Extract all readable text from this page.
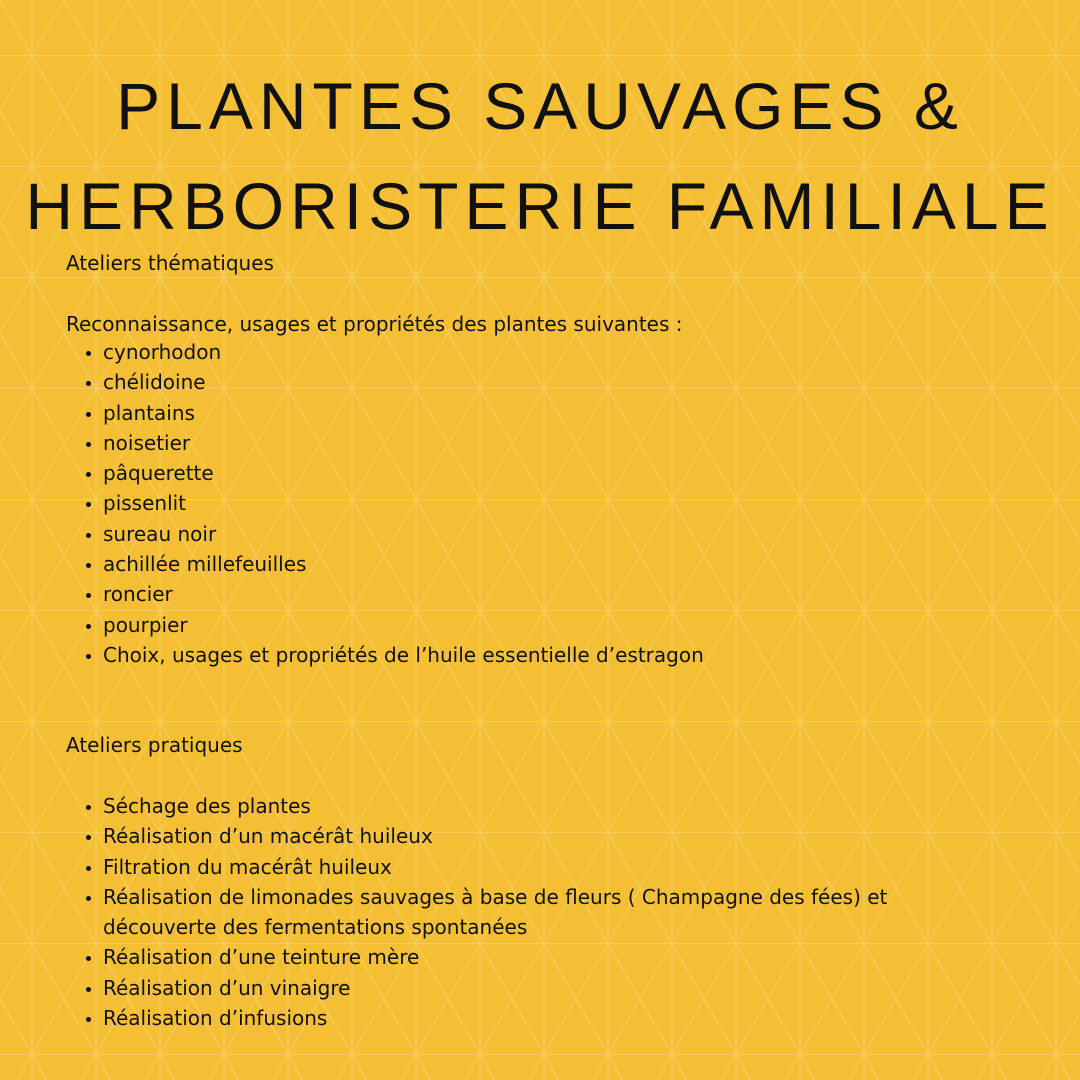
PLANTES SAUVAGES &
HERBORISTERIE FAMILIALE

Ateliers thématiques

Reconnaissance, usages et propriétés des plantes suivantes :

• cynorhodon
• chélidoine
• plantains
• noisetier
• pâquerette
• pissenlit
• sureau noir
• achillée millefeuilles
• roncier
• pourpier
• Choix, usages et propriétés de l’huile essentielle d’estragon

Ateliers pratiques

• Séchage des plantes
• Réalisation d’un macérât huileux
• Filtration du macérât huileux
• Réalisation de limonades sauvages à base de fleurs ( Champagne des fées) et découverte des fermentations spontanées
• Réalisation d’une teinture mère
• Réalisation d’un vinaigre
• Réalisation d’infusions
